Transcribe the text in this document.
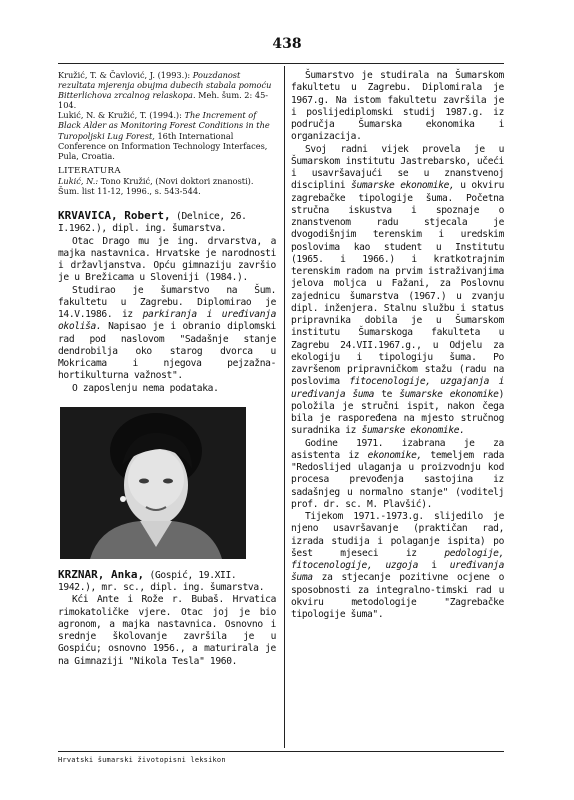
438

Kružić, T. & Čavlović, J. (1993.): Pouzdanost rezultata mjerenja obujma dubecih stabala pomoću Bitterlichova zrcalnog relaskopa. Meh. šum. 2: 45-104.

Lukić, N. & Kružić, T. (1994.): The Increment of Black Alder as Monitoring Forest Conditions in the Turopoljski Lug Forest, 16th International Conference on Information Technology Interfaces, Pula, Croatia.

LITERATURA

Lukić, N.: Tono Kružić, (Novi doktori znanosti). Šum. list 11-12, 1996., s. 543-544.

KRVAVICA, Robert, (Delnice, 26. I.1962.), dipl. ing. šumarstva.

Otac Drago mu je ing. drvarstva, a majka nastavnica. Hrvatske je narodnosti i državljanstva. Opću gimnaziju završio je u Brežicama u Sloveniji (1984.).

Studirao je šumarstvo na Šum. fakultetu u Zagrebu. Diplomirao je 14.V.1986. iz parkiranja i uređivanja okoliša. Napisao je i obranio diplomski rad pod naslovom "Sadašnje stanje dendrobilja oko starog dvorca u Mokricama i njegova pejzažna-hortikulturna važnost".

O zaposlenju nema podataka.

KRZNAR, Anka, (Gospić, 19.XII. 1942.), mr. sc., dipl. ing. šumarstva.

Kći Ante i Rože r. Bubaš. Hrvatica rimokatoličke vjere. Otac joj je bio agronom, a majka nastavnica. Osnovno i srednje školovanje završila je u Gospiću; osnovno 1956., a maturirala je na Gimnaziji "Nikola Tesla" 1960.

Šumarstvo je studirala na Šumarskom fakultetu u Zagrebu. Diplomirala je 1967.g. Na istom fakultetu završila je i poslijediplomski studij 1987.g. iz područja Šumarska ekonomika i organizacija.

Svoj radni vijek provela je u Šumarskom institutu Jastrebarsko, učeći i usavršavajući se u znanstvenoj disciplini šumarske ekonomike, u okviru zagrebačke tipologije šuma. Početna stručna iskustva i spoznaje o znanstvenom radu stjecala je dvogodišnjim terenskim i uredskim poslovima kao student u Institutu (1965. i 1966.) i kratkotrajnim terenskim radom na prvim istraživanjima jelova moljca u Fažani, za Poslovnu zajednicu šumarstva (1967.) u zvanju dipl. inženjera. Stalnu službu i status pripravnika dobila je u Šumarskom institutu Šumarskoga fakulteta u Zagrebu 24.VII.1967.g., u Odjelu za ekologiju i tipologiju šuma. Po završenom pripravničkom stažu (radu na poslovima fitocenologije, uzgajanja i uređivanja šuma te šumarske ekonomike) položila je stručni ispit, nakon čega bila je raspoređena na mjesto stručnog suradnika iz šumarske ekonomike.

Godine 1971. izabrana je za asistenta iz ekonomike, temeljem rada "Redoslijed ulaganja u proizvodnju kod procesa prevođenja sastojina iz sadašnjeg u normalno stanje" (voditelj prof. dr. sc. M. Plavšić).

Tijekom 1971.-1973.g. slijedilo je njeno usavršavanje (praktičan rad, izrada studija i polaganje ispita) po šest mjeseci iz pedologije, fitocenologije, uzgoja i uređivanja šuma za stjecanje pozitivne ocjene o sposobnosti za integralno-timski rad u okviru metodologije "Zagrebačke tipologije šuma".

Hrvatski šumarski životopisni leksikon
